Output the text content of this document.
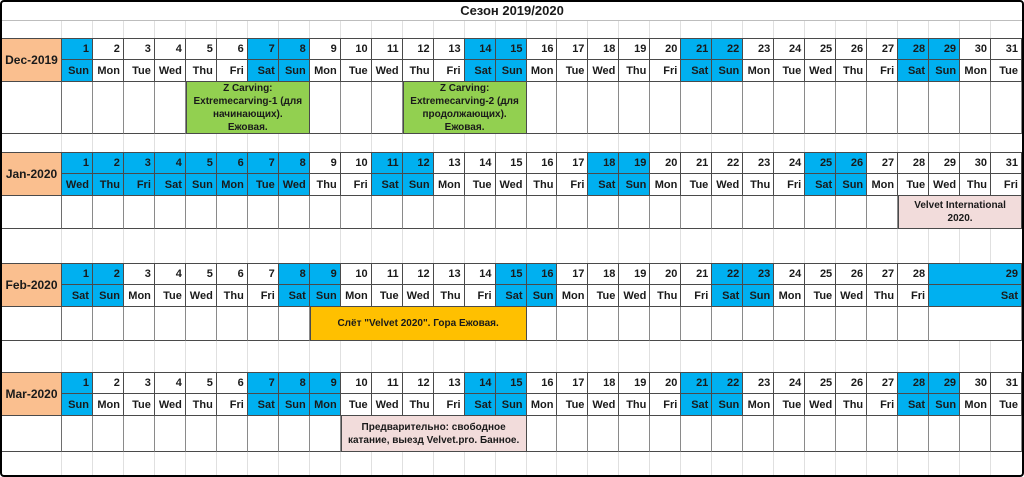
Сезон 2019/2020
Dec-2019
1
Sun
2
Mon
3
Tue
4
Wed
5
Thu
6
Fri
7
Sat
8
Sun
9
Mon
10
Tue
11
Wed
12
Thu
13
Fri
14
Sat
15
Sun
16
Mon
17
Tue
18
Wed
19
Thu
20
Fri
21
Sat
22
Sun
23
Mon
24
Tue
25
Wed
26
Thu
27
Fri
28
Sat
29
Sun
30
Mon
31
Tue
Z Carving:
Extremecarving-1 (для
начинающих).
Ежовая.
Z Carving:
Extremecarving-2 (для
продолжающих).
Ежовая.
Jan-2020
1
Wed
2
Thu
3
Fri
4
Sat
5
Sun
6
Mon
7
Tue
8
Wed
9
Thu
10
Fri
11
Sat
12
Sun
13
Mon
14
Tue
15
Wed
16
Thu
17
Fri
18
Sat
19
Sun
20
Mon
21
Tue
22
Wed
23
Thu
24
Fri
25
Sat
26
Sun
27
Mon
28
Tue
29
Wed
30
Thu
31
Fri
Velvet International
2020.
Feb-2020
1
Sat
2
Sun
3
Mon
4
Tue
5
Wed
6
Thu
7
Fri
8
Sat
9
Sun
10
Mon
11
Tue
12
Wed
13
Thu
14
Fri
15
Sat
16
Sun
17
Mon
18
Tue
19
Wed
20
Thu
21
Fri
22
Sat
23
Sun
24
Mon
25
Tue
26
Wed
27
Thu
28
Fri
29
Sat
Слёт "Velvet 2020". Гора Ежовая.
Mar-2020
1
Sun
2
Mon
3
Tue
4
Wed
5
Thu
6
Fri
7
Sat
8
Sun
9
Mon
10
Tue
11
Wed
12
Thu
13
Fri
14
Sat
15
Sun
16
Mon
17
Tue
18
Wed
19
Thu
20
Fri
21
Sat
22
Sun
23
Mon
24
Tue
25
Wed
26
Thu
27
Fri
28
Sat
29
Sun
30
Mon
31
Tue
Предварительно: свободное
катание, выезд Velvet.pro. Банное.
